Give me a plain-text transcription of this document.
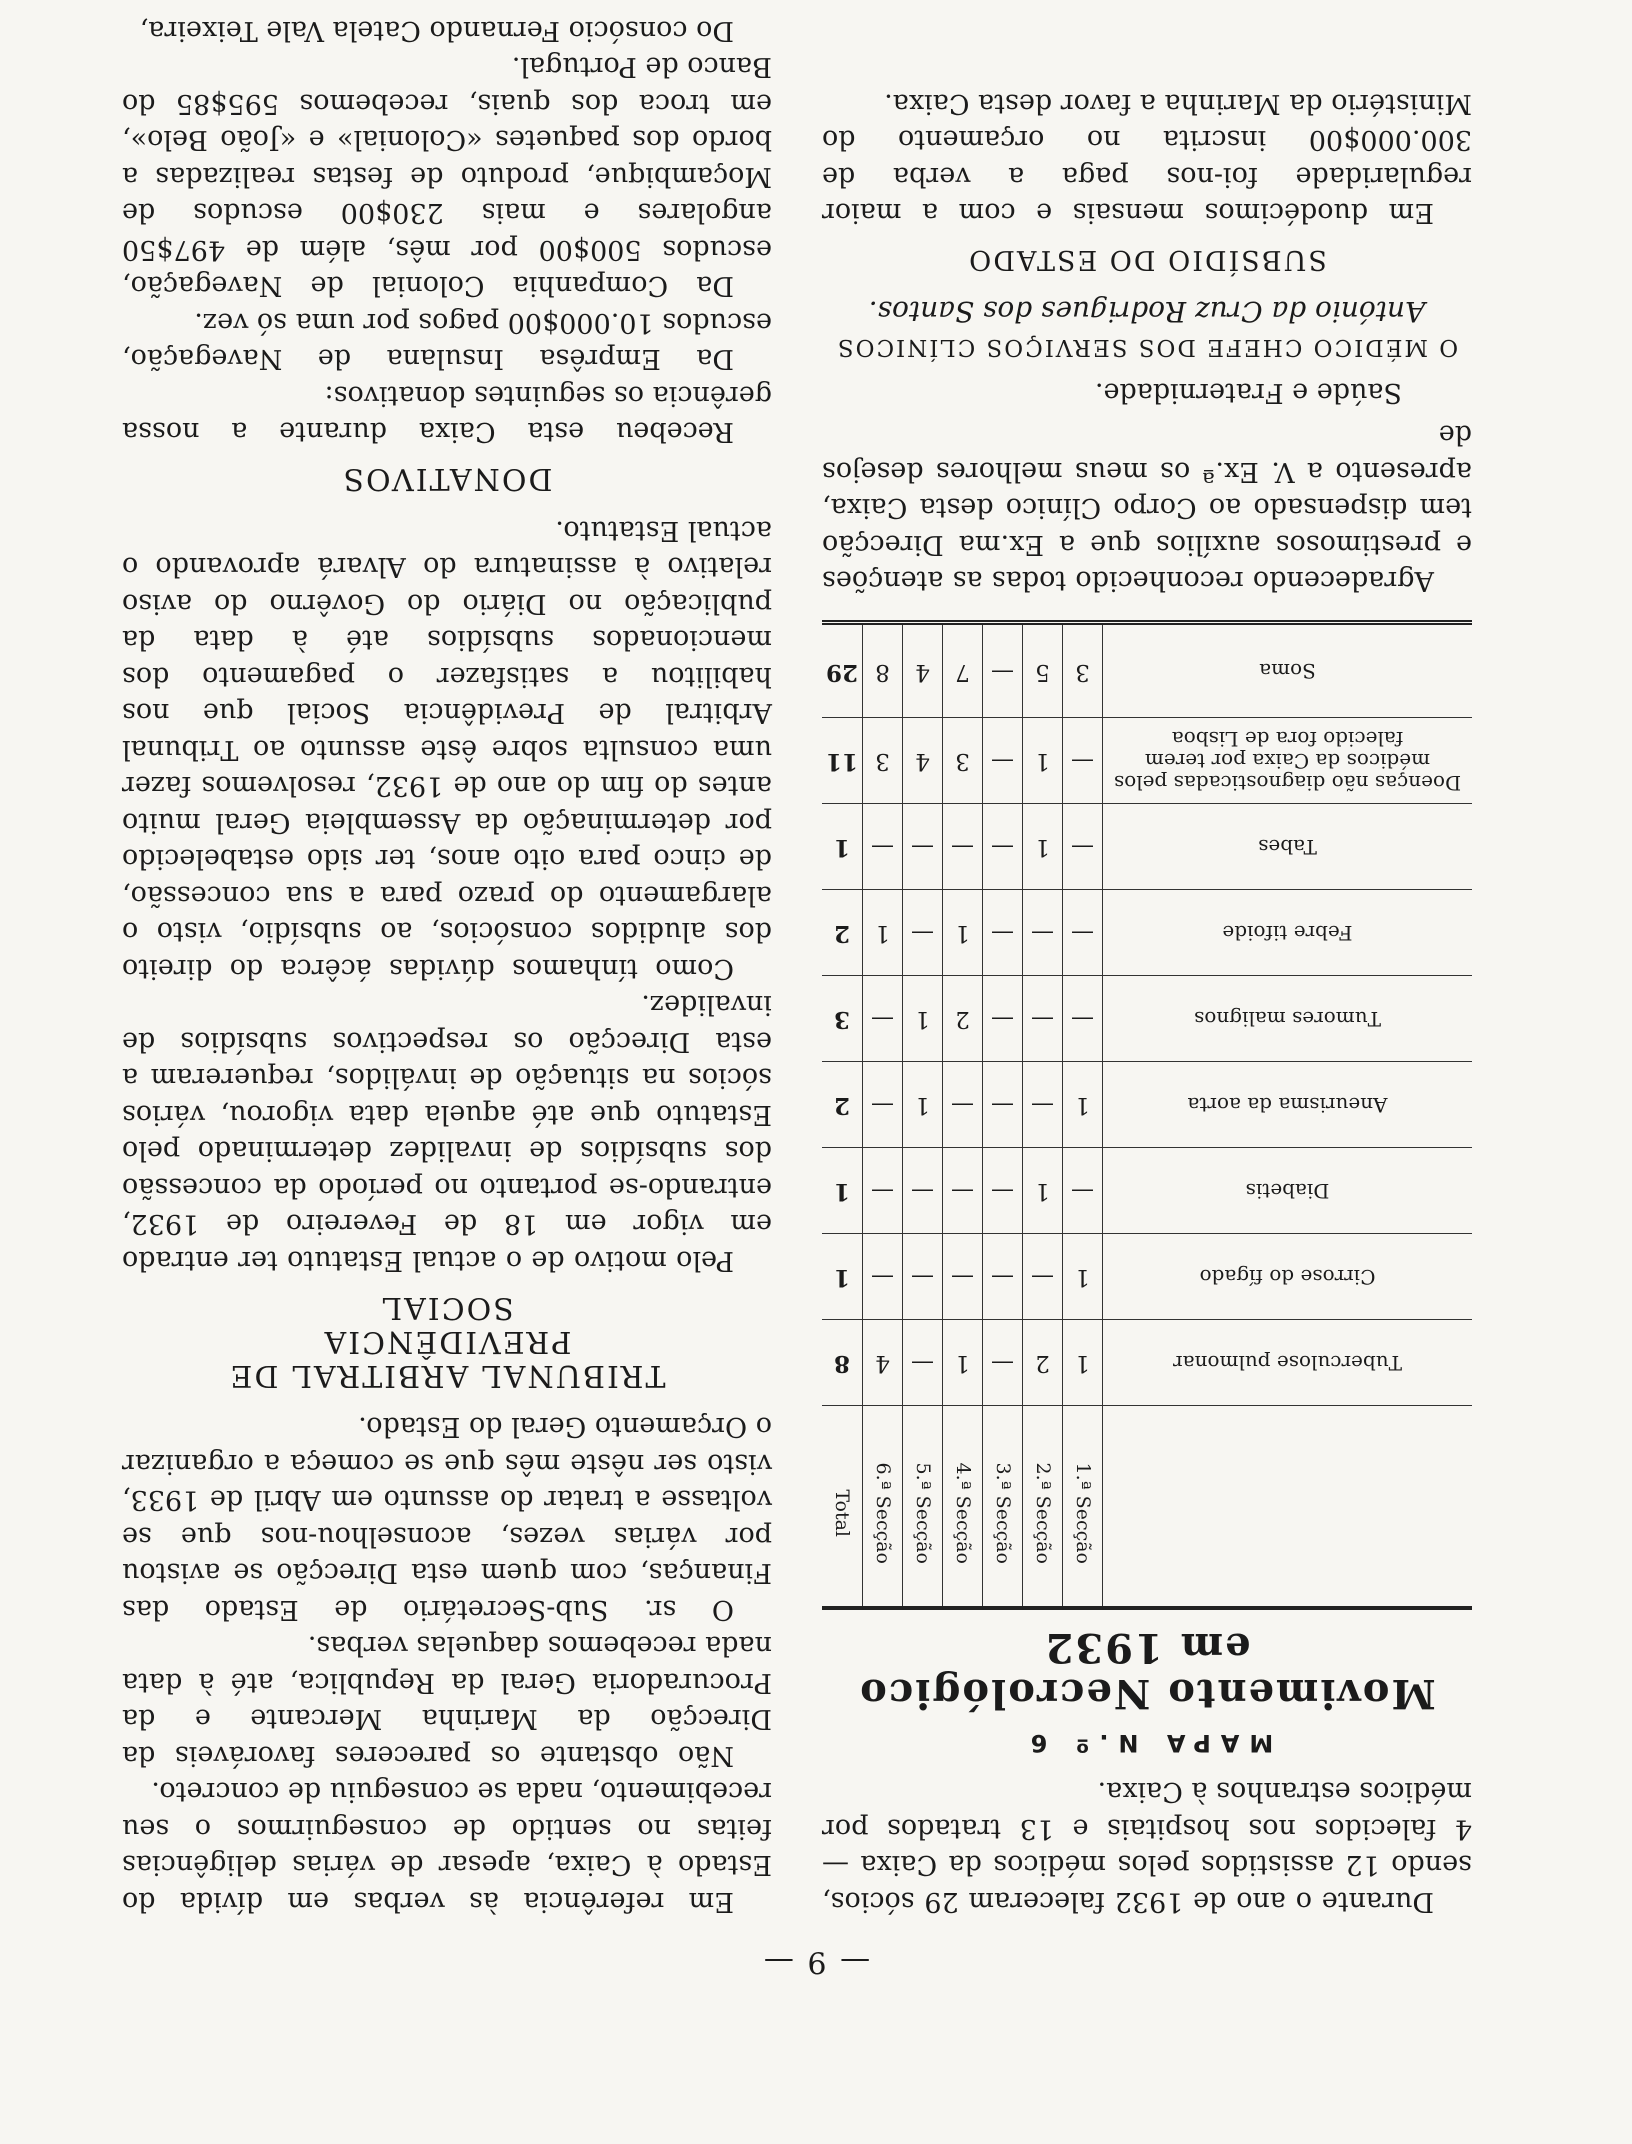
— 9 —

Durante o ano de 1932 faleceram 29 sócios, sendo 12 assistidos pelos médicos da Caixa — 4 falecidos nos hospitais e 13 tratados por médicos estranhos à Caixa.

MAPA N.º 6
Movimento Necrológico em 1932
	1.ª Secção	2.ª Secção	3.ª Secção	4.ª Secção	5.ª Secção	6.ª Secção	Total
Tuberculose pulmonar	1	2	—	1	—	4	8
Cirrose do fígado	1	—	—	—	—	—	1
Diabetis	—	1	—	—	—	—	1
Aneurisma da aorta	1	—	—	—	1	—	2
Tumores malignos	—	—	—	2	1	—	3
Febre tifoide	—	—	—	1	—	1	2
Tabes	—	1	—	—	—	—	1
Doenças não diagnosticadas pelos médicos da Caixa por terem falecido fora de Lisboa	—	1	—	3	4	3	11
Soma	3	5	—	7	4	8	29

Agradecendo reconhecido todas as atenções e prestimosos auxílios que a Ex.ma Direcção tem dispensado ao Corpo Clínico desta Caixa, apresento a V. Ex.ª os meus melhores desejos de

Saúde e Fraternidade.

O MÉDICO CHEFE DOS SERVIÇOS CLÍNICOS
António da Cruz Rodrigues dos Santos.
SUBSÍDIO DO ESTADO

Em duodécimos mensais e com a maior regularidade foi-nos paga a verba de 300.000$00 inscrita no orçamento do Ministério da Marinha a favor desta Caixa.

Em referência às verbas em dívida do Estado à Caixa, apesar de várias deligências feitas no sentido de conseguirmos o seu recebimento, nada se conseguiu de concreto.

Não obstante os pareceres favoráveis da Direcção da Marinha Mercante e da Procuradoria Geral da Republica, até à data nada recebemos daquelas verbas.

O sr. Sub-Secretário de Estado das Finanças, com quem esta Direcção se avistou por várias vezes, aconselhou-nos que se voltasse a tratar do assunto em Abril de 1933, visto ser nêste mês que se começa a organizar o Orçamento Geral do Estado.

TRIBUNAL ARBITRAL DE PREVIDÊNCIA
SOCIAL

Pelo motivo de o actual Estatuto ter entrado em vigor em 18 de Fevereiro de 1932, entrando-se portanto no período da concessão dos subsídios de invalidez determinado pelo Estatuto que até aquela data vigorou, vários sócios na situação de inválidos, requereram a esta Direcção os respectivos subsídios de invalidez.

Como tínhamos dúvidas ácêrca do direito dos aludidos consócios, ao subsídio, visto o alargamento do prazo para a sua concessão, de cinco para oito anos, ter sido estabelecido por determinação da Assembleia Geral muito antes do fim do ano de 1932, resolvemos fazer uma consulta sobre êste assunto ao Tribunal Arbitral de Previdência Social que nos habilitou a satisfazer o pagamento dos mencionados subsídios até à data da publicação no Diário do Govêrno do aviso relativo à assinatura do Alvará aprovando o actual Estatuto.

DONATIVOS

Recebeu esta Caixa durante a nossa gerência os seguintes donativos:

Da Emprêsa Insulana de Navegação, escudos 10.000$00 pagos por uma só vez.

Da Companhia Colonial de Navegação, escudos 500$00 por mês, além de 497$50 angolares e mais 230$00 escudos de Moçambique, produto de festas realizadas a bordo dos paquetes «Colonial» e «João Belo», em troca dos quais, recebemos 595$85 do Banco de Portugal.

Do consócio Fernando Catela Vale Teixeira,
